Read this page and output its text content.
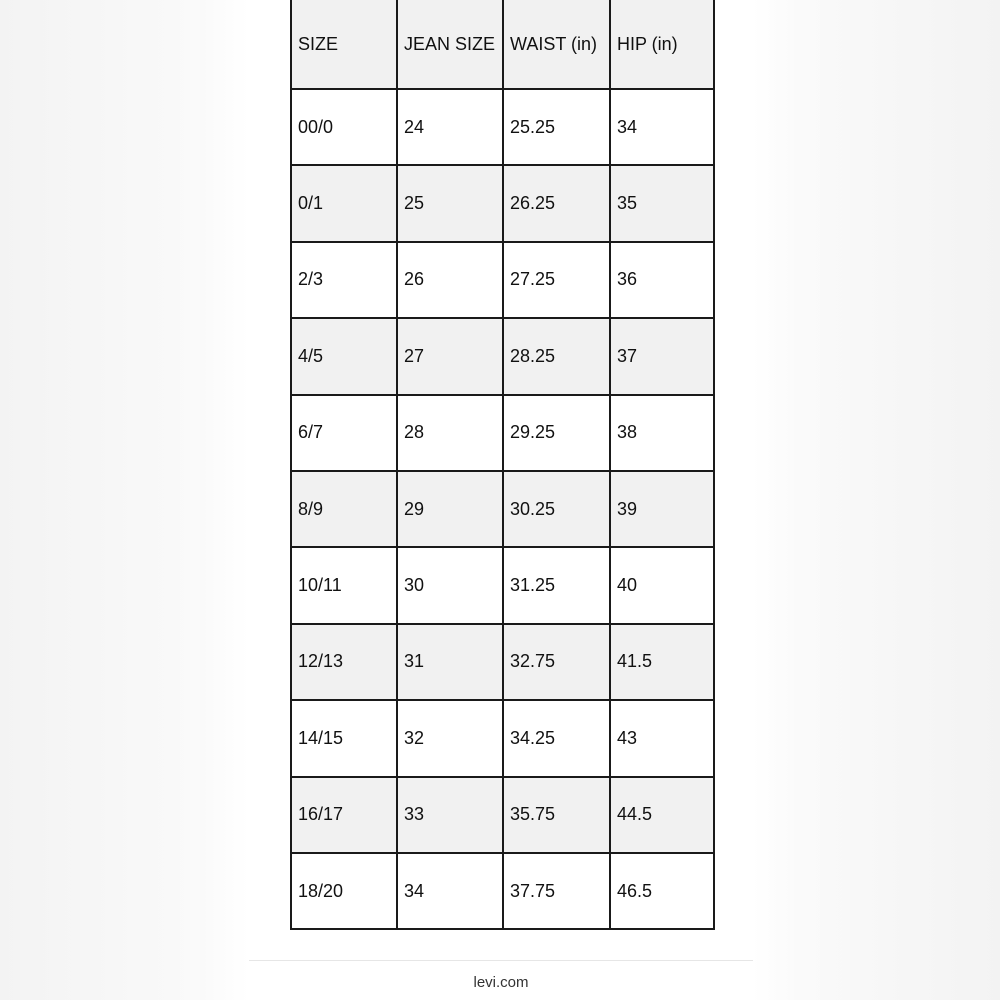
SIZE	JEAN SIZE	WAIST (in)	HIP (in)
00/0	24	25.25	34
0/1	25	26.25	35
2/3	26	27.25	36
4/5	27	28.25	37
6/7	28	29.25	38
8/9	29	30.25	39
10/11	30	31.25	40
12/13	31	32.75	41.5
14/15	32	34.25	43
16/17	33	35.75	44.5
18/20	34	37.75	46.5
levi.com
